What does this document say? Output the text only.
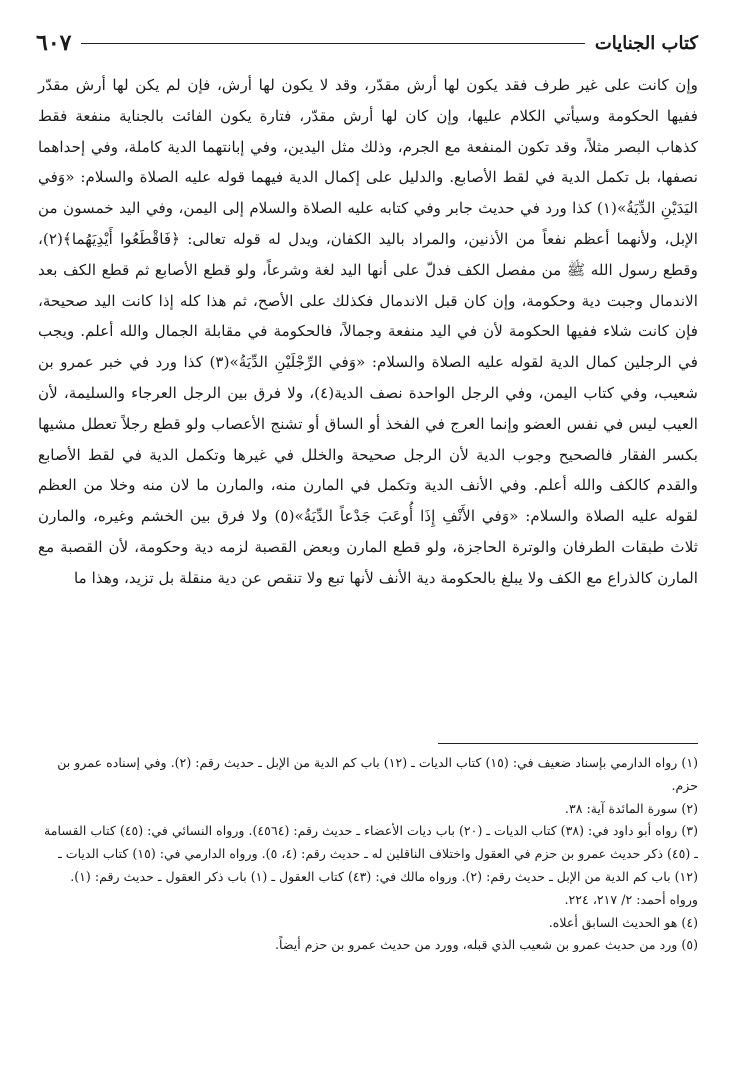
كتاب الجنايات
٦٠٧

وإن كانت على غير طرف فقد يكون لها أرش مقدّر، وقد لا يكون لها أرش، فإن لم يكن لها أرش مقدّر ففيها الحكومة وسيأتي الكلام عليها، وإن كان لها أرش مقدّر، فتارة يكون الفائت بالجناية منفعة فقط كذهاب البصر مثلاً، وقد تكون المنفعة مع الجرم، وذلك مثل اليدين، وفي إبانتهما الدية كاملة، وفي إحداهما نصفها، بل تكمل الدية في لقط الأصابع. والدليل على إكمال الدية فيهما قوله عليه الصلاة والسلام: «وَفي اليَدَيْنِ الدِّيَةُ»(١) كذا ورد في حديث جابر وفي كتابه عليه الصلاة والسلام إلى اليمن، وفي اليد خمسون من الإبل، ولأنهما أعظم نفعاً من الأذنين، والمراد باليد الكفان، ويدل له قوله تعالى: ﴿فَاقْطَعُوا أَيْدِيَهُما﴾(٢)، وقطع رسول الله ﷺ من مفصل الكف فدلّ على أنها اليد لغة وشرعاً، ولو قطع الأصابع ثم قطع الكف بعد الاندمال وجبت دية وحكومة، وإن كان قبل الاندمال فكذلك على الأصح، ثم هذا كله إذا كانت اليد صحيحة، فإن كانت شلاء ففيها الحكومة لأن في اليد منفعة وجمالاً، فالحكومة في مقابلة الجمال والله أعلم. ويجب في الرجلين كمال الدية لقوله عليه الصلاة والسلام: «وَفي الرِّجْلَيْنِ الدِّيَةُ»(٣) كذا ورد في خبر عمرو بن شعيب، وفي كتاب اليمن، وفي الرجل الواحدة نصف الدية(٤)، ولا فرق بين الرجل العرجاء والسليمة، لأن العيب ليس في نفس العضو وإنما العرج في الفخذ أو الساق أو تشنج الأعصاب ولو قطع رجلاً تعطل مشيها بكسر الفقار فالصحيح وجوب الدية لأن الرجل صحيحة والخلل في غيرها وتكمل الدية في لقط الأصابع والقدم كالكف والله أعلم. وفي الأنف الدية وتكمل في المارن منه، والمارن ما لان منه وخلا من العظم لقوله عليه الصلاة والسلام: «وَفي الأَنْفِ إِذَا أُوعَبَ جَدْعاً الدِّيَةُ»(٥) ولا فرق بين الخشم وغيره، والمارن ثلاث طبقات الطرفان والوترة الحاجزة، ولو قطع المارن وبعض القصبة لزمه دية وحكومة، لأن القصبة مع المارن كالذراع مع الكف ولا يبلغ بالحكومة دية الأنف لأنها تبع ولا تنقص عن دية منقلة بل تزيد، وهذا ما

(١) رواه الدارمي بإسناد ضعيف في: (١٥) كتاب الديات ـ (١٢) باب كم الدية من الإبل ـ حديث رقم: (٢). وفي إسناده عمرو بن حزم.

(٢) سورة المائدة آية: ٣٨.

(٣) رواه أبو داود في: (٣٨) كتاب الديات ـ (٢٠) باب ديات الأعضاء ـ حديث رقم: (٤٥٦٤). ورواه النسائي في: (٤٥) كتاب القسامة ـ (٤٥) ذكر حديث عمرو بن حزم في العقول واختلاف الناقلين له ـ حديث رقم: (٤، ٥). ورواه الدارمي في: (١٥) كتاب الديات ـ (١٢) باب كم الدية من الإبل ـ حديث رقم: (٢). ورواه مالك في: (٤٣) كتاب العقول ـ (١) باب ذكر العقول ـ حديث رقم: (١). ورواه أحمد: ٢/ ٢١٧، ٢٢٤.

(٤) هو الحديث السابق أعلاه.

(٥) ورد من حديث عمرو بن شعيب الذي قبله، وورد من حديث عمرو بن حزم أيضاً.
